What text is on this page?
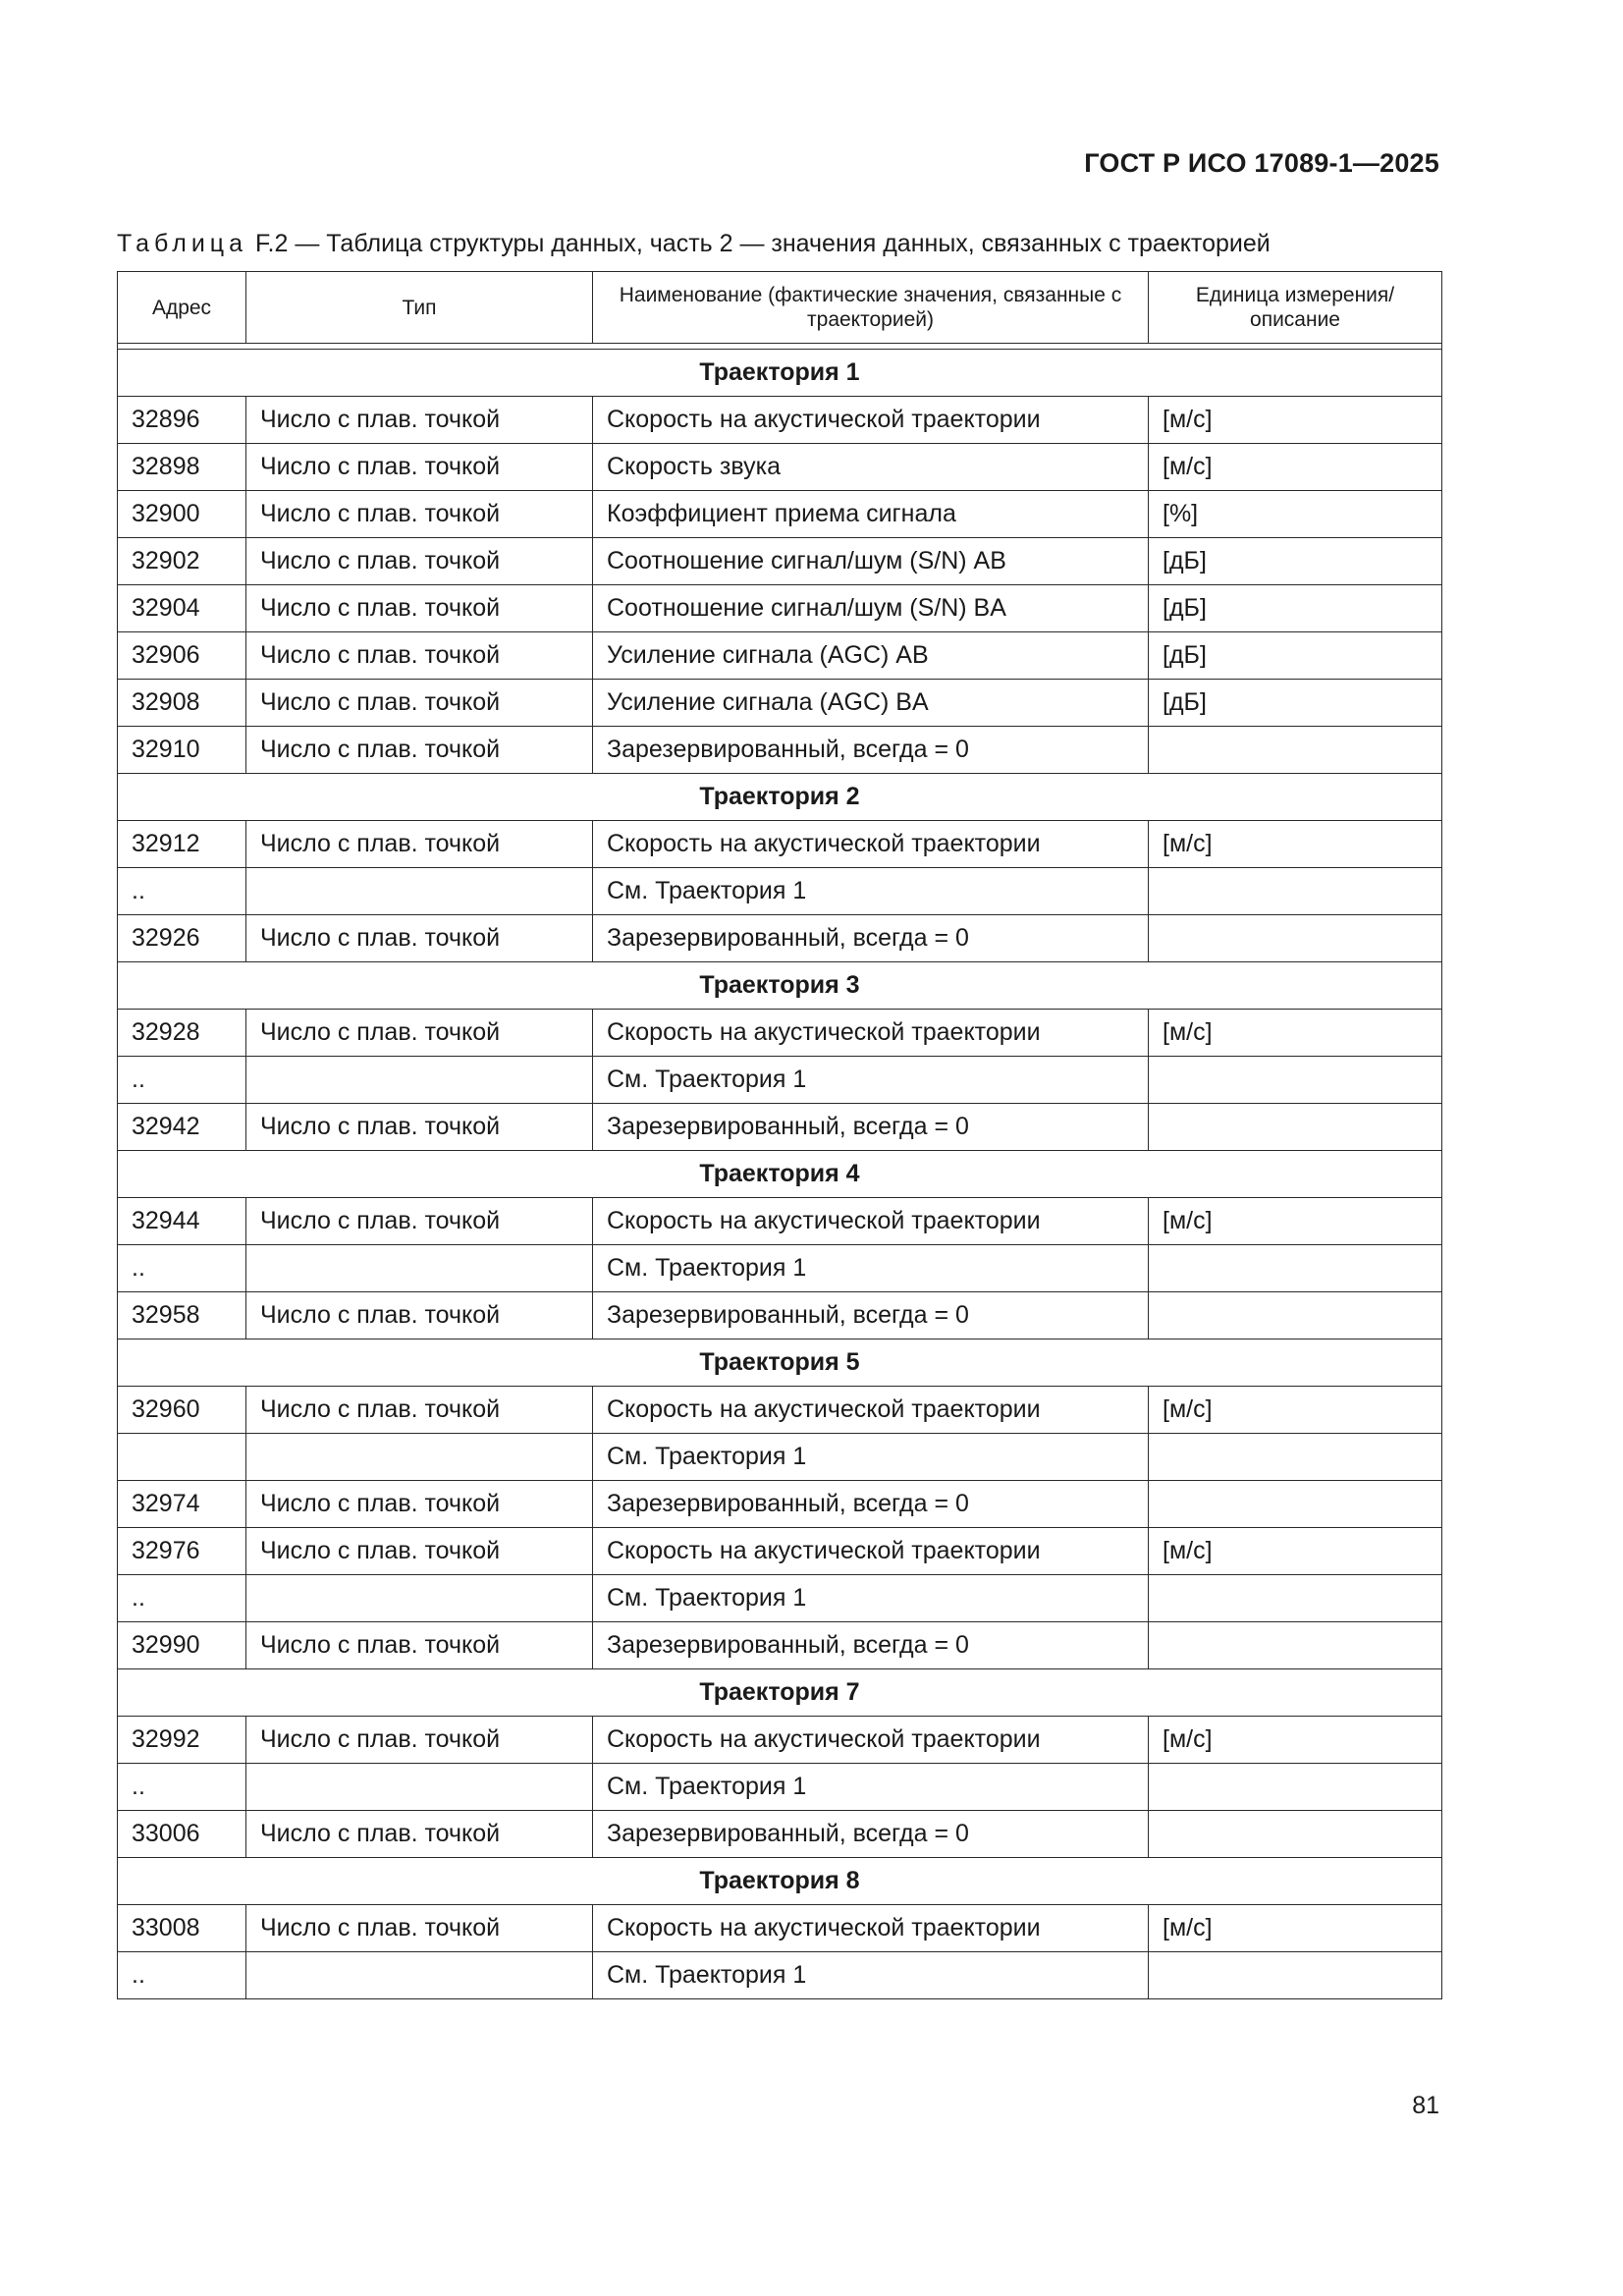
ГОСТ Р ИСО 17089-1—2025
Таблица F.2 — Таблица структуры данных, часть 2 — значения данных, связанных с траекторией
Адрес	Тип	Наименование (фактические значения, связанные с траекторией)	Единица измерения/ описание

Траектория 1			
32896	Число с плав. точкой	Скорость на акустической траектории	[м/с]
32898	Число с плав. точкой	Скорость звука	[м/с]
32900	Число с плав. точкой	Коэффициент приема сигнала	[%]
32902	Число с плав. точкой	Соотношение сигнал/шум (S/N) AB	[дБ]
32904	Число с плав. точкой	Соотношение сигнал/шум (S/N) BA	[дБ]
32906	Число с плав. точкой	Усиление сигнала (AGC) AB	[дБ]
32908	Число с плав. точкой	Усиление сигнала (AGC) BA	[дБ]
32910	Число с плав. точкой	Зарезервированный, всегда = 0	
Траектория 2			
32912	Число с плав. точкой	Скорость на акустической траектории	[м/с]
..		См. Траектория 1	
32926	Число с плав. точкой	Зарезервированный, всегда = 0	
Траектория 3			
32928	Число с плав. точкой	Скорость на акустической траектории	[м/с]
..		См. Траектория 1	
32942	Число с плав. точкой	Зарезервированный, всегда = 0	
Траектория 4			
32944	Число с плав. точкой	Скорость на акустической траектории	[м/с]
..		См. Траектория 1	
32958	Число с плав. точкой	Зарезервированный, всегда = 0	
Траектория 5			
32960	Число с плав. точкой	Скорость на акустической траектории	[м/с]
		См. Траектория 1	
32974	Число с плав. точкой	Зарезервированный, всегда = 0	
32976	Число с плав. точкой	Скорость на акустической траектории	[м/с]
..		См. Траектория 1	
32990	Число с плав. точкой	Зарезервированный, всегда = 0	
Траектория 7			
32992	Число с плав. точкой	Скорость на акустической траектории	[м/с]
..		См. Траектория 1	
33006	Число с плав. точкой	Зарезервированный, всегда = 0	
Траектория 8			
33008	Число с плав. точкой	Скорость на акустической траектории	[м/с]
..		См. Траектория 1	
81
